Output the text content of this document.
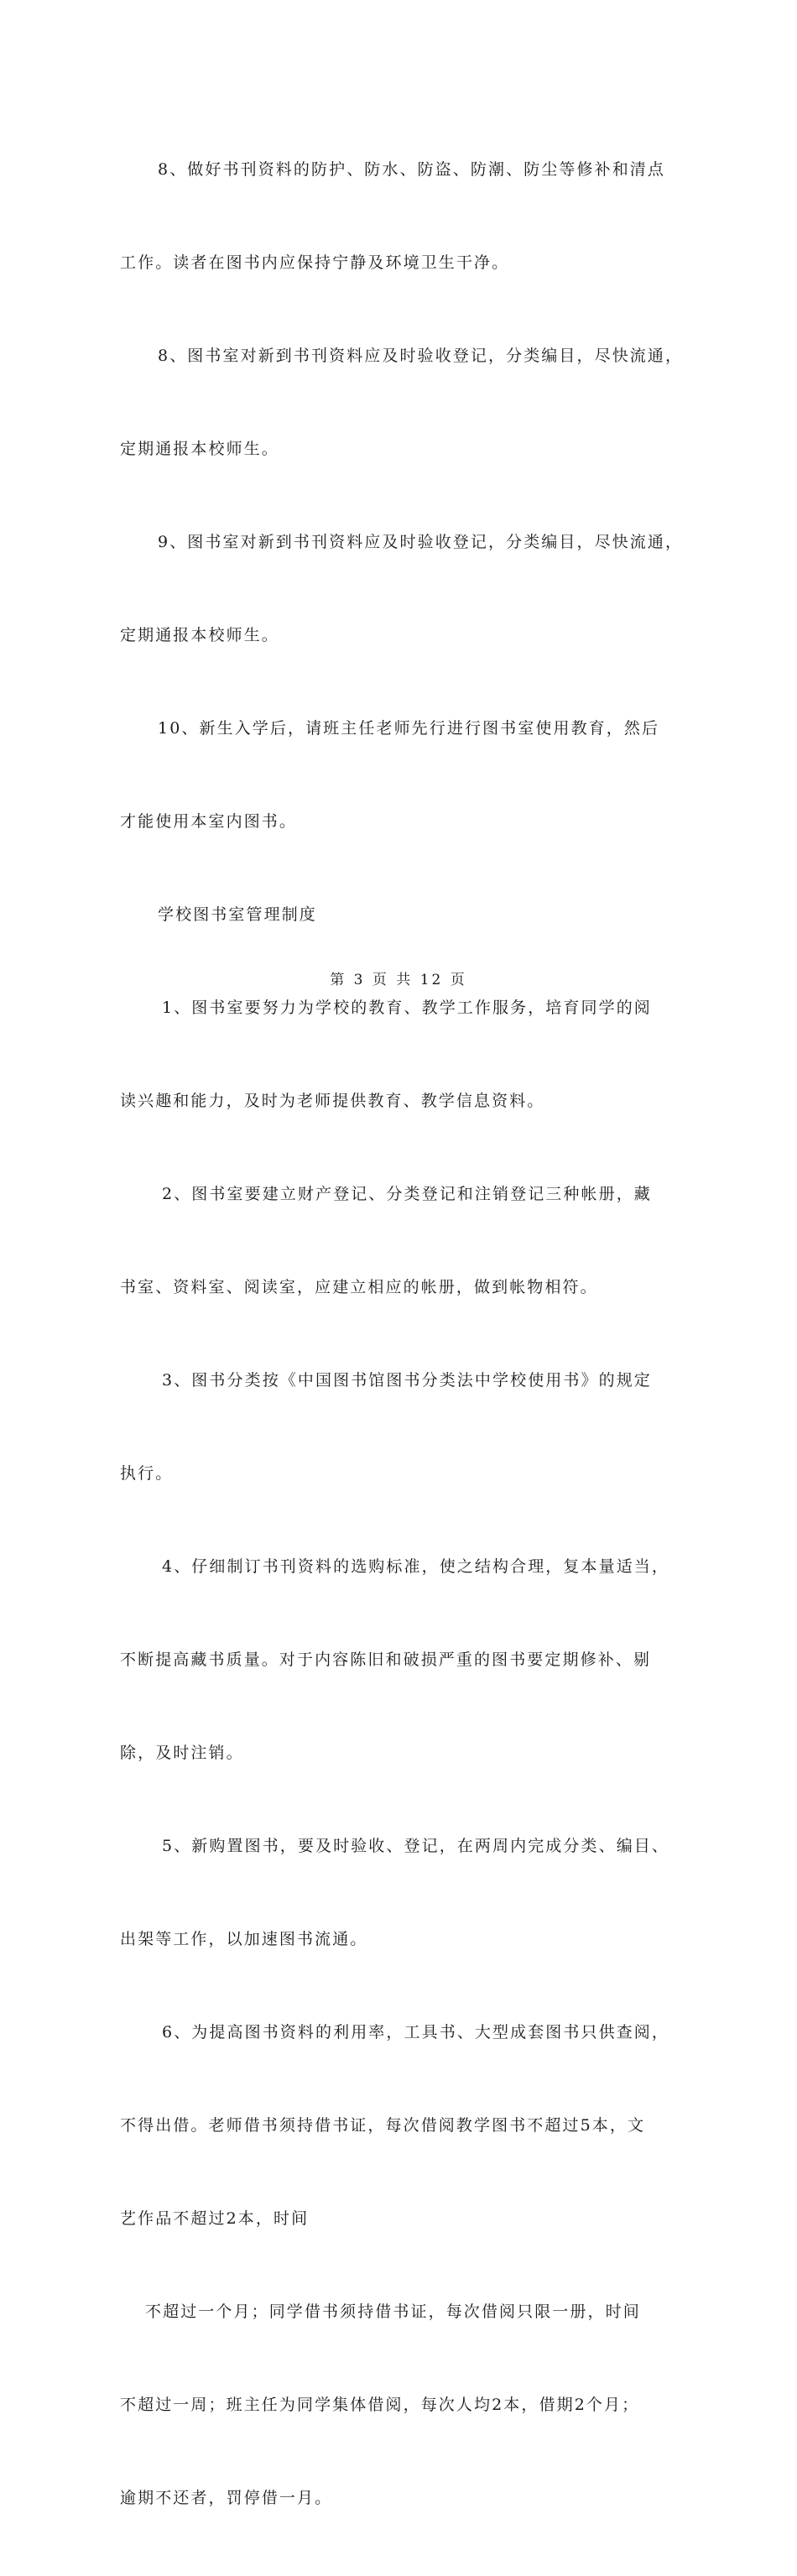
8、做好书刊资料的防护、防水、防盗、防潮、防尘等修补和清点

工作。读者在图书内应保持宁静及环境卫生干净。

8、图书室对新到书刊资料应及时验收登记，分类编目，尽快流通，

定期通报本校师生。

9、图书室对新到书刊资料应及时验收登记，分类编目，尽快流通，

定期通报本校师生。

10、新生入学后，请班主任老师先行进行图书室使用教育，然后

才能使用本室内图书。

学校图书室管理制度

1、图书室要努力为学校的教育、教学工作服务，培育同学的阅

读兴趣和能力，及时为老师提供教育、教学信息资料。

2、图书室要建立财产登记、分类登记和注销登记三种帐册，藏

书室、资料室、阅读室，应建立相应的帐册，做到帐物相符。

3、图书分类按《中国图书馆图书分类法中学校使用书》的规定

执行。

4、仔细制订书刊资料的选购标准，使之结构合理，复本量适当，

不断提高藏书质量。对于内容陈旧和破损严重的图书要定期修补、剔

除，及时注销。

5、新购置图书，要及时验收、登记，在两周内完成分类、编目、

出架等工作，以加速图书流通。

6、为提高图书资料的利用率，工具书、大型成套图书只供查阅，

不得出借。老师借书须持借书证，每次借阅教学图书不超过5本，文

艺作品不超过2本，时间

不超过一个月；同学借书须持借书证，每次借阅只限一册，时间

不超过一周；班主任为同学集体借阅，每次人均2本，借期2个月；

逾期不还者，罚停借一月。

第 3 页 共 12 页
